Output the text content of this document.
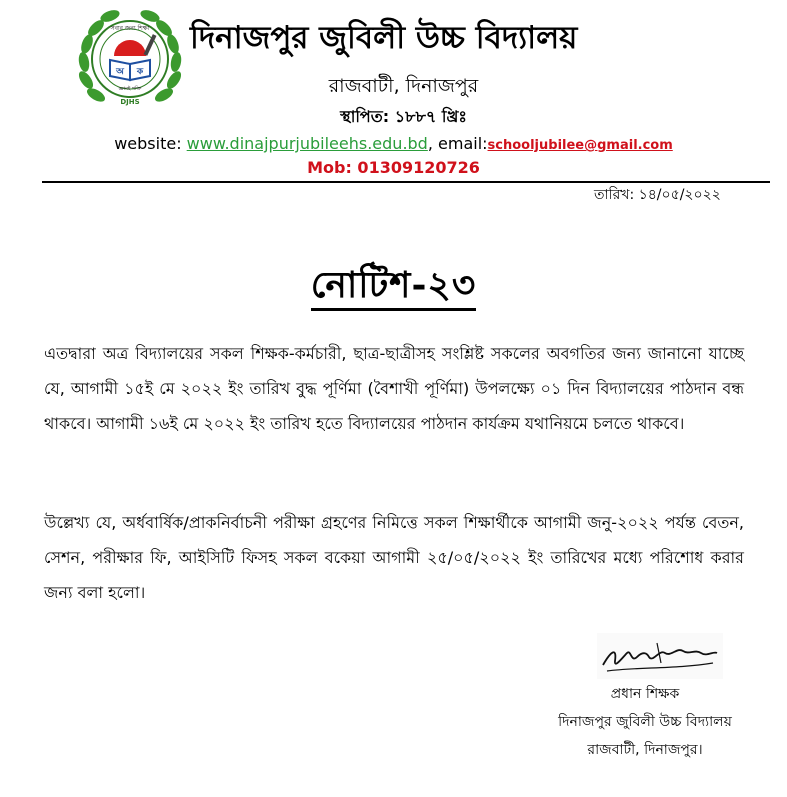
সবার জন্য শিক্ষা
অ ক
জ্ঞানই শক্তি
DJHS
দিনাজপুর জুবিলী উচ্চ বিদ্যালয়
রাজবাটী, দিনাজপুর
স্থাপিত: ১৮৮৭ খ্রিঃ
website: www.dinajpurjubileehs.edu.bd, email:schooljubilee@gmail.com
Mob: 01309120726
তারিখ: ১৪/০৫/২০২২
নোটিশ-২৩
এতদ্বারা অত্র বিদ্যালয়ের সকল শিক্ষক-কর্মচারী, ছাত্র-ছাত্রীসহ সংশ্লিষ্ট সকলের অবগতির জন্য জানানো যাচ্ছে যে, আগামী ১৫ই মে ২০২২ ইং তারিখ বুদ্ধ পূর্ণিমা (বৈশাখী পূর্ণিমা) উপলক্ষ্যে ০১ দিন বিদ্যালয়ের পাঠদান বন্ধ থাকবে। আগামী ১৬ই মে ২০২২ ইং তারিখ হতে বিদ্যালয়ের পাঠদান কার্যক্রম যথানিয়মে চলতে থাকবে।
উল্লেখ্য যে, অর্ধবার্ষিক/প্রাকনির্বাচনী পরীক্ষা গ্রহণের নিমিত্তে সকল শিক্ষার্থীকে আগামী জনু-২০২২ পর্যন্ত বেতন, সেশন, পরীক্ষার ফি, আইসিটি ফিসহ সকল বকেয়া আগামী ২৫/০৫/২০২২ ইং তারিখের মধ্যে পরিশোধ করার জন্য বলা হলো।
প্রধান শিক্ষক
দিনাজপুর জুবিলী উচ্চ বিদ্যালয়
রাজবাটী, দিনাজপুর।
